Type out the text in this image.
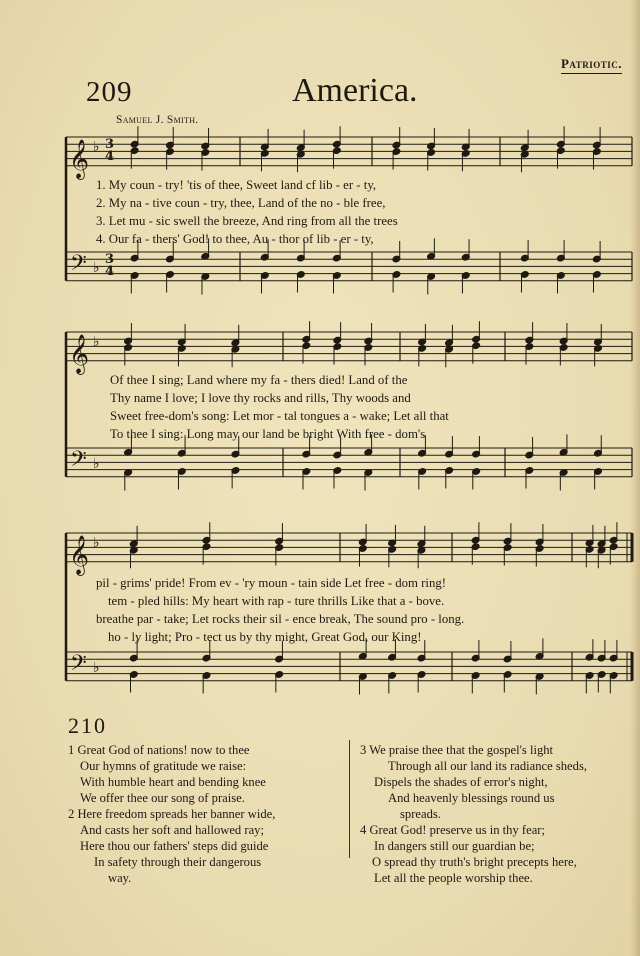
Patriotic.
209	America.
Samuel J. Smith.
𝄞
𝄢
♭
♭
3
4
3
4
𝄞
𝄢
♭
♭
𝄞
𝄢
♭
♭
1. My coun - try! 'tis of thee, Sweet land cf lib - er - ty,
2. My na - tive coun - try, thee, Land of the no - ble free,
3. Let mu - sic swell the breeze, And ring from all the trees
4. Our fa - thers' God! to thee, Au - thor of lib - er - ty,
Of thee I sing; Land where my fa - thers died! Land of the
Thy name I love; I love thy rocks and rills, Thy woods and
Sweet free-dom's song: Let mor - tal tongues a - wake; Let all that
To thee I sing: Long may our land be bright With free - dom's
pil - grims' pride! From ev - 'ry moun - tain side Let free - dom ring!
tem - pled hills: My heart with rap - ture thrills Like that a - bove.
breathe par - take; Let rocks their sil - ence break, The sound pro - long.
ho - ly light; Pro - tect us by thy might, Great God, our King!
210
1 Great God of nations! now to thee
Our hymns of gratitude we raise:
With humble heart and bending knee
We offer thee our song of praise.
2 Here freedom spreads her banner wide,
And casts her soft and hallowed ray;
Here thou our fathers' steps did guide
In safety through their dangerous
way.
3 We praise thee that the gospel's light
Through all our land its radiance sheds,
Dispels the shades of error's night,
And heavenly blessings round us
spreads.
4 Great God! preserve us in thy fear;
In dangers still our guardian be;
O spread thy truth's bright precepts here,
Let all the people worship thee.
